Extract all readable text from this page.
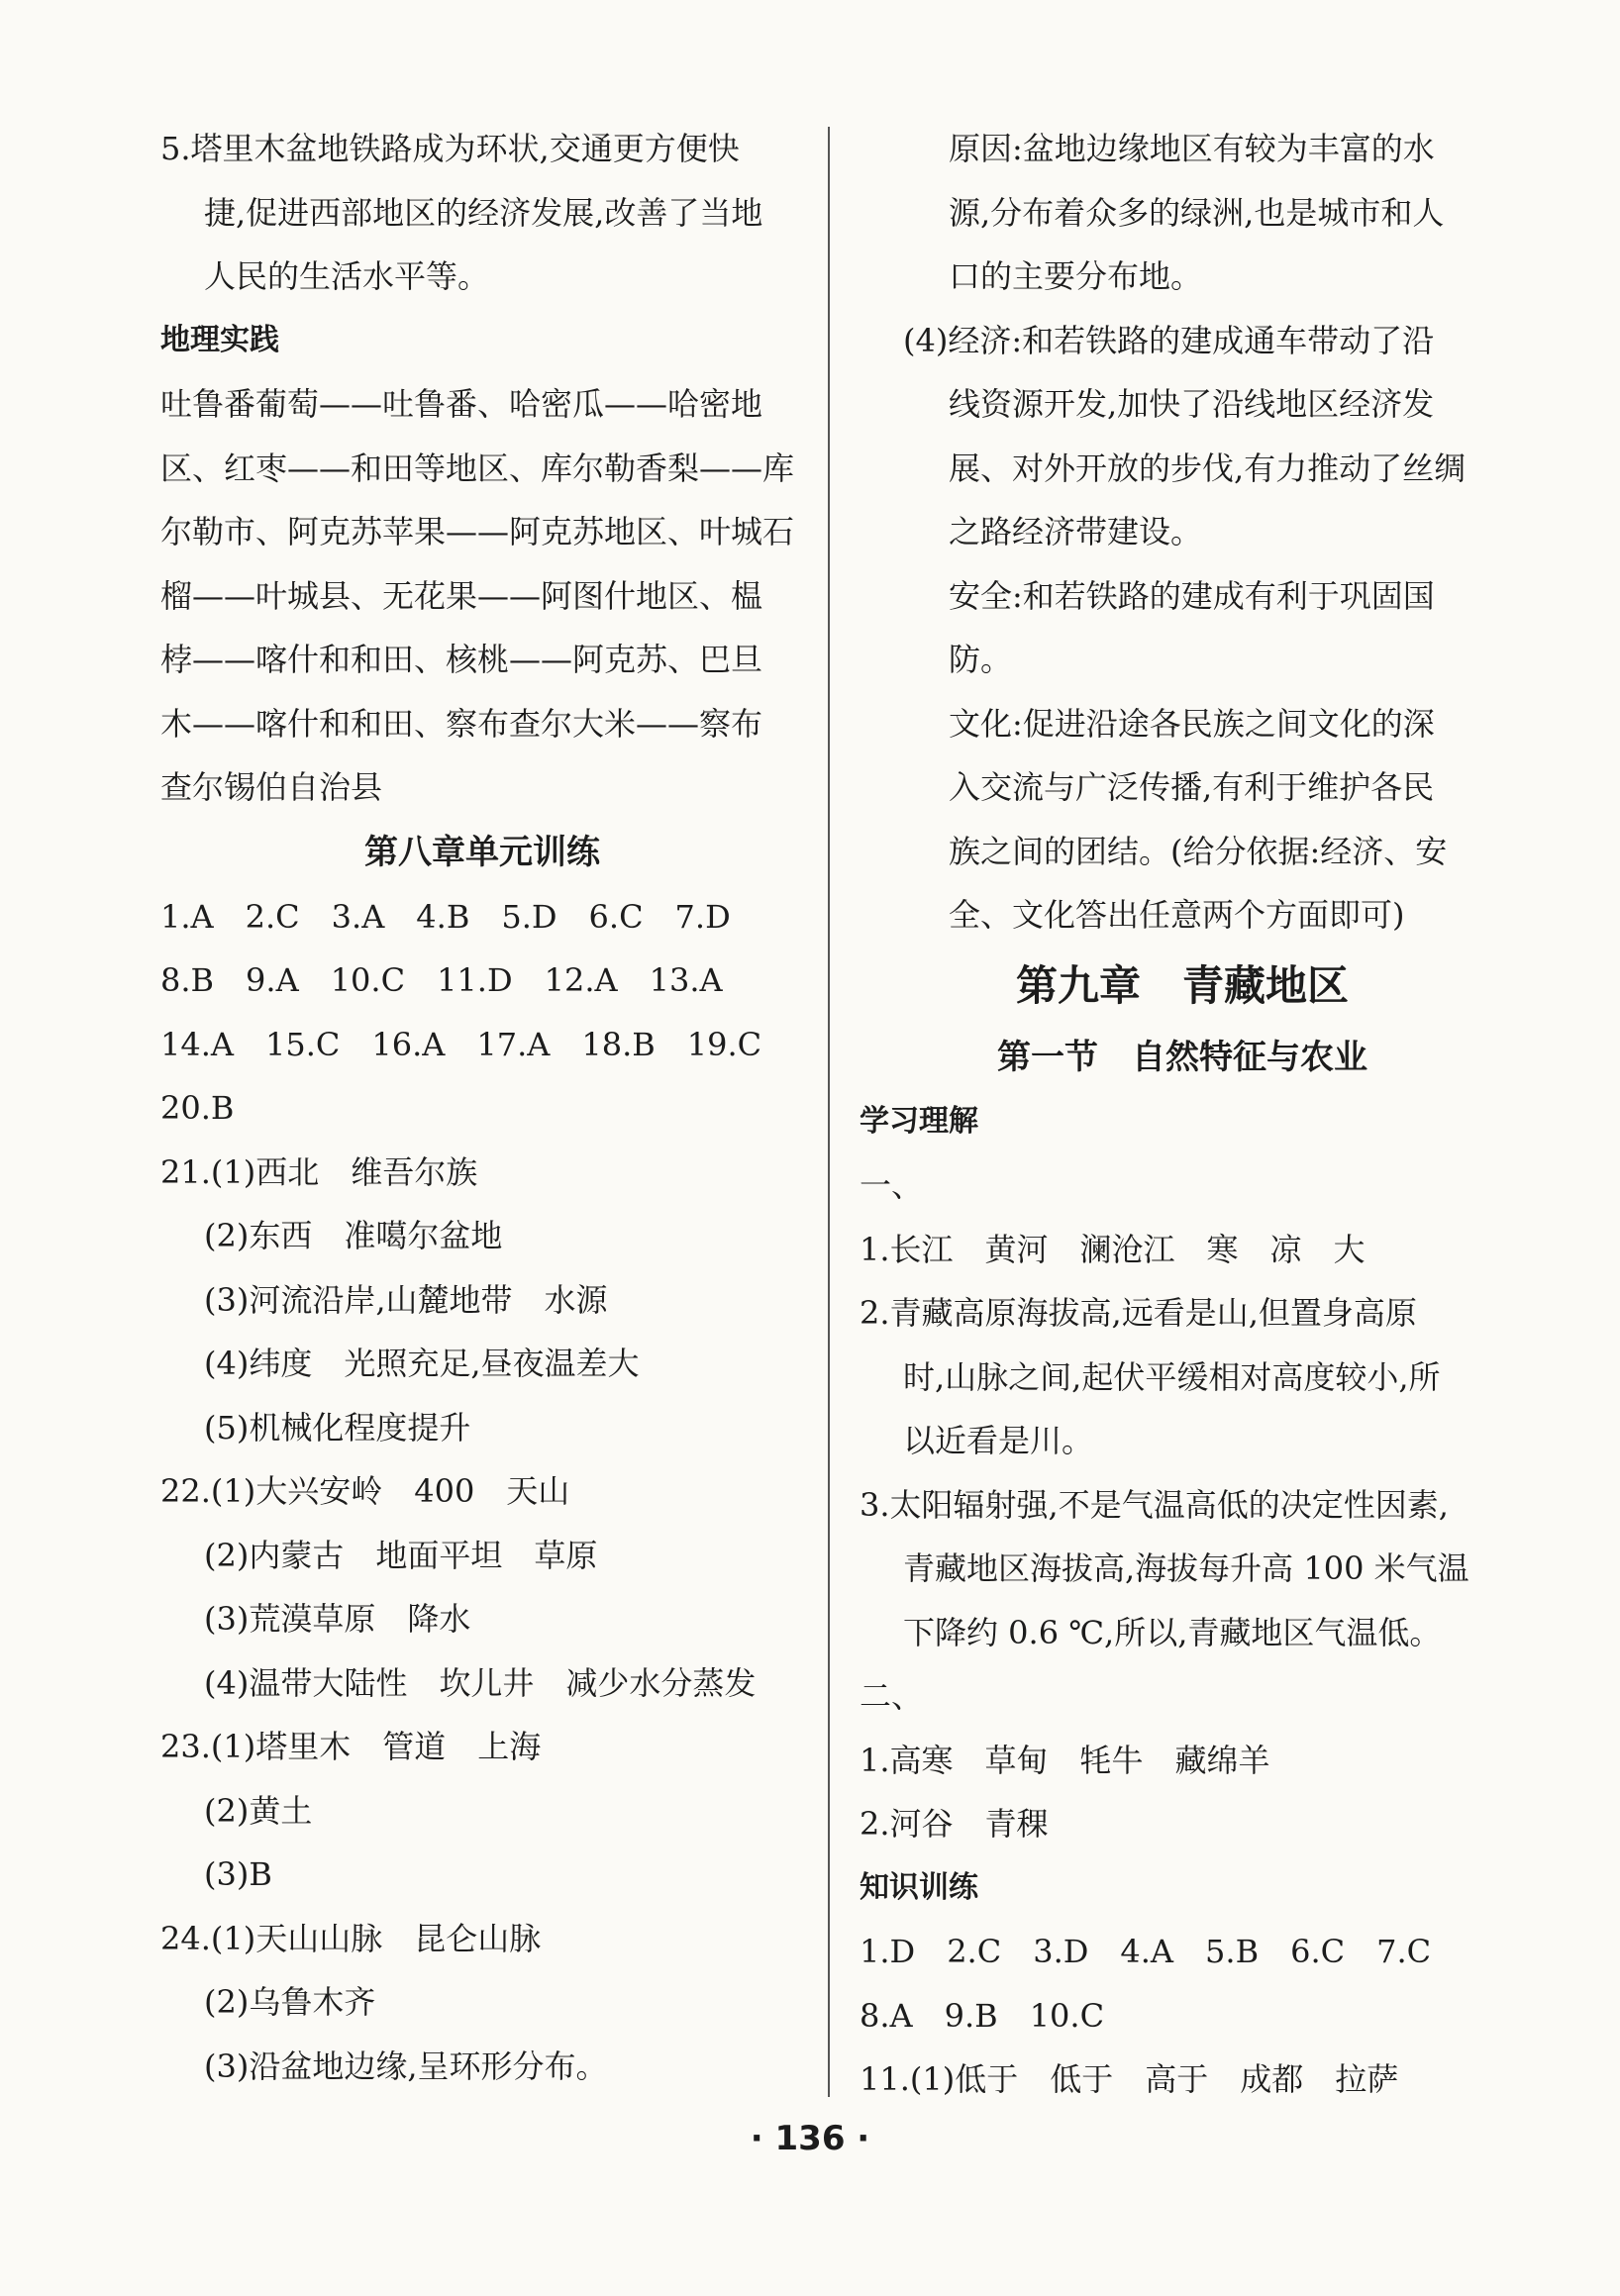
5.塔里木盆地铁路成为环状,交通更方便快
捷,促进西部地区的经济发展,改善了当地
人民的生活水平等。
地理实践
吐鲁番葡萄——吐鲁番、哈密瓜——哈密地
区、红枣——和田等地区、库尔勒香梨——库
尔勒市、阿克苏苹果——阿克苏地区、叶城石
榴——叶城县、无花果——阿图什地区、榅
桲——喀什和和田、核桃——阿克苏、巴旦
木——喀什和和田、察布查尔大米——察布
查尔锡伯自治县
第八章单元训练
1.A　2.C　3.A　4.B　5.D　6.C　7.D
8.B　9.A　10.C　11.D　12.A　13.A
14.A　15.C　16.A　17.A　18.B　19.C
20.B
21.(1)西北　维吾尔族
(2)东西　准噶尔盆地
(3)河流沿岸,山麓地带　水源
(4)纬度　光照充足,昼夜温差大
(5)机械化程度提升
22.(1)大兴安岭　400　天山
(2)内蒙古　地面平坦　草原
(3)荒漠草原　降水
(4)温带大陆性　坎儿井　减少水分蒸发
23.(1)塔里木　管道　上海
(2)黄土
(3)B
24.(1)天山山脉　昆仑山脉
(2)乌鲁木齐
(3)沿盆地边缘,呈环形分布。
原因:盆地边缘地区有较为丰富的水
源,分布着众多的绿洲,也是城市和人
口的主要分布地。
(4)经济:和若铁路的建成通车带动了沿
线资源开发,加快了沿线地区经济发
展、对外开放的步伐,有力推动了丝绸
之路经济带建设。
安全:和若铁路的建成有利于巩固国
防。
文化:促进沿途各民族之间文化的深
入交流与广泛传播,有利于维护各民
族之间的团结。(给分依据:经济、安
全、文化答出任意两个方面即可)
第九章　青藏地区
第一节　自然特征与农业
学习理解
一、
1.长江　黄河　澜沧江　寒　凉　大
2.青藏高原海拔高,远看是山,但置身高原
时,山脉之间,起伏平缓相对高度较小,所
以近看是川。
3.太阳辐射强,不是气温高低的决定性因素,
青藏地区海拔高,海拔每升高 100 米气温
下降约 0.6 ℃,所以,青藏地区气温低。
二、
1.高寒　草甸　牦牛　藏绵羊
2.河谷　青稞
知识训练
1.D　2.C　3.D　4.A　5.B　6.C　7.C
8.A　9.B　10.C
11.(1)低于　低于　高于　成都　拉萨
· 136 ·
